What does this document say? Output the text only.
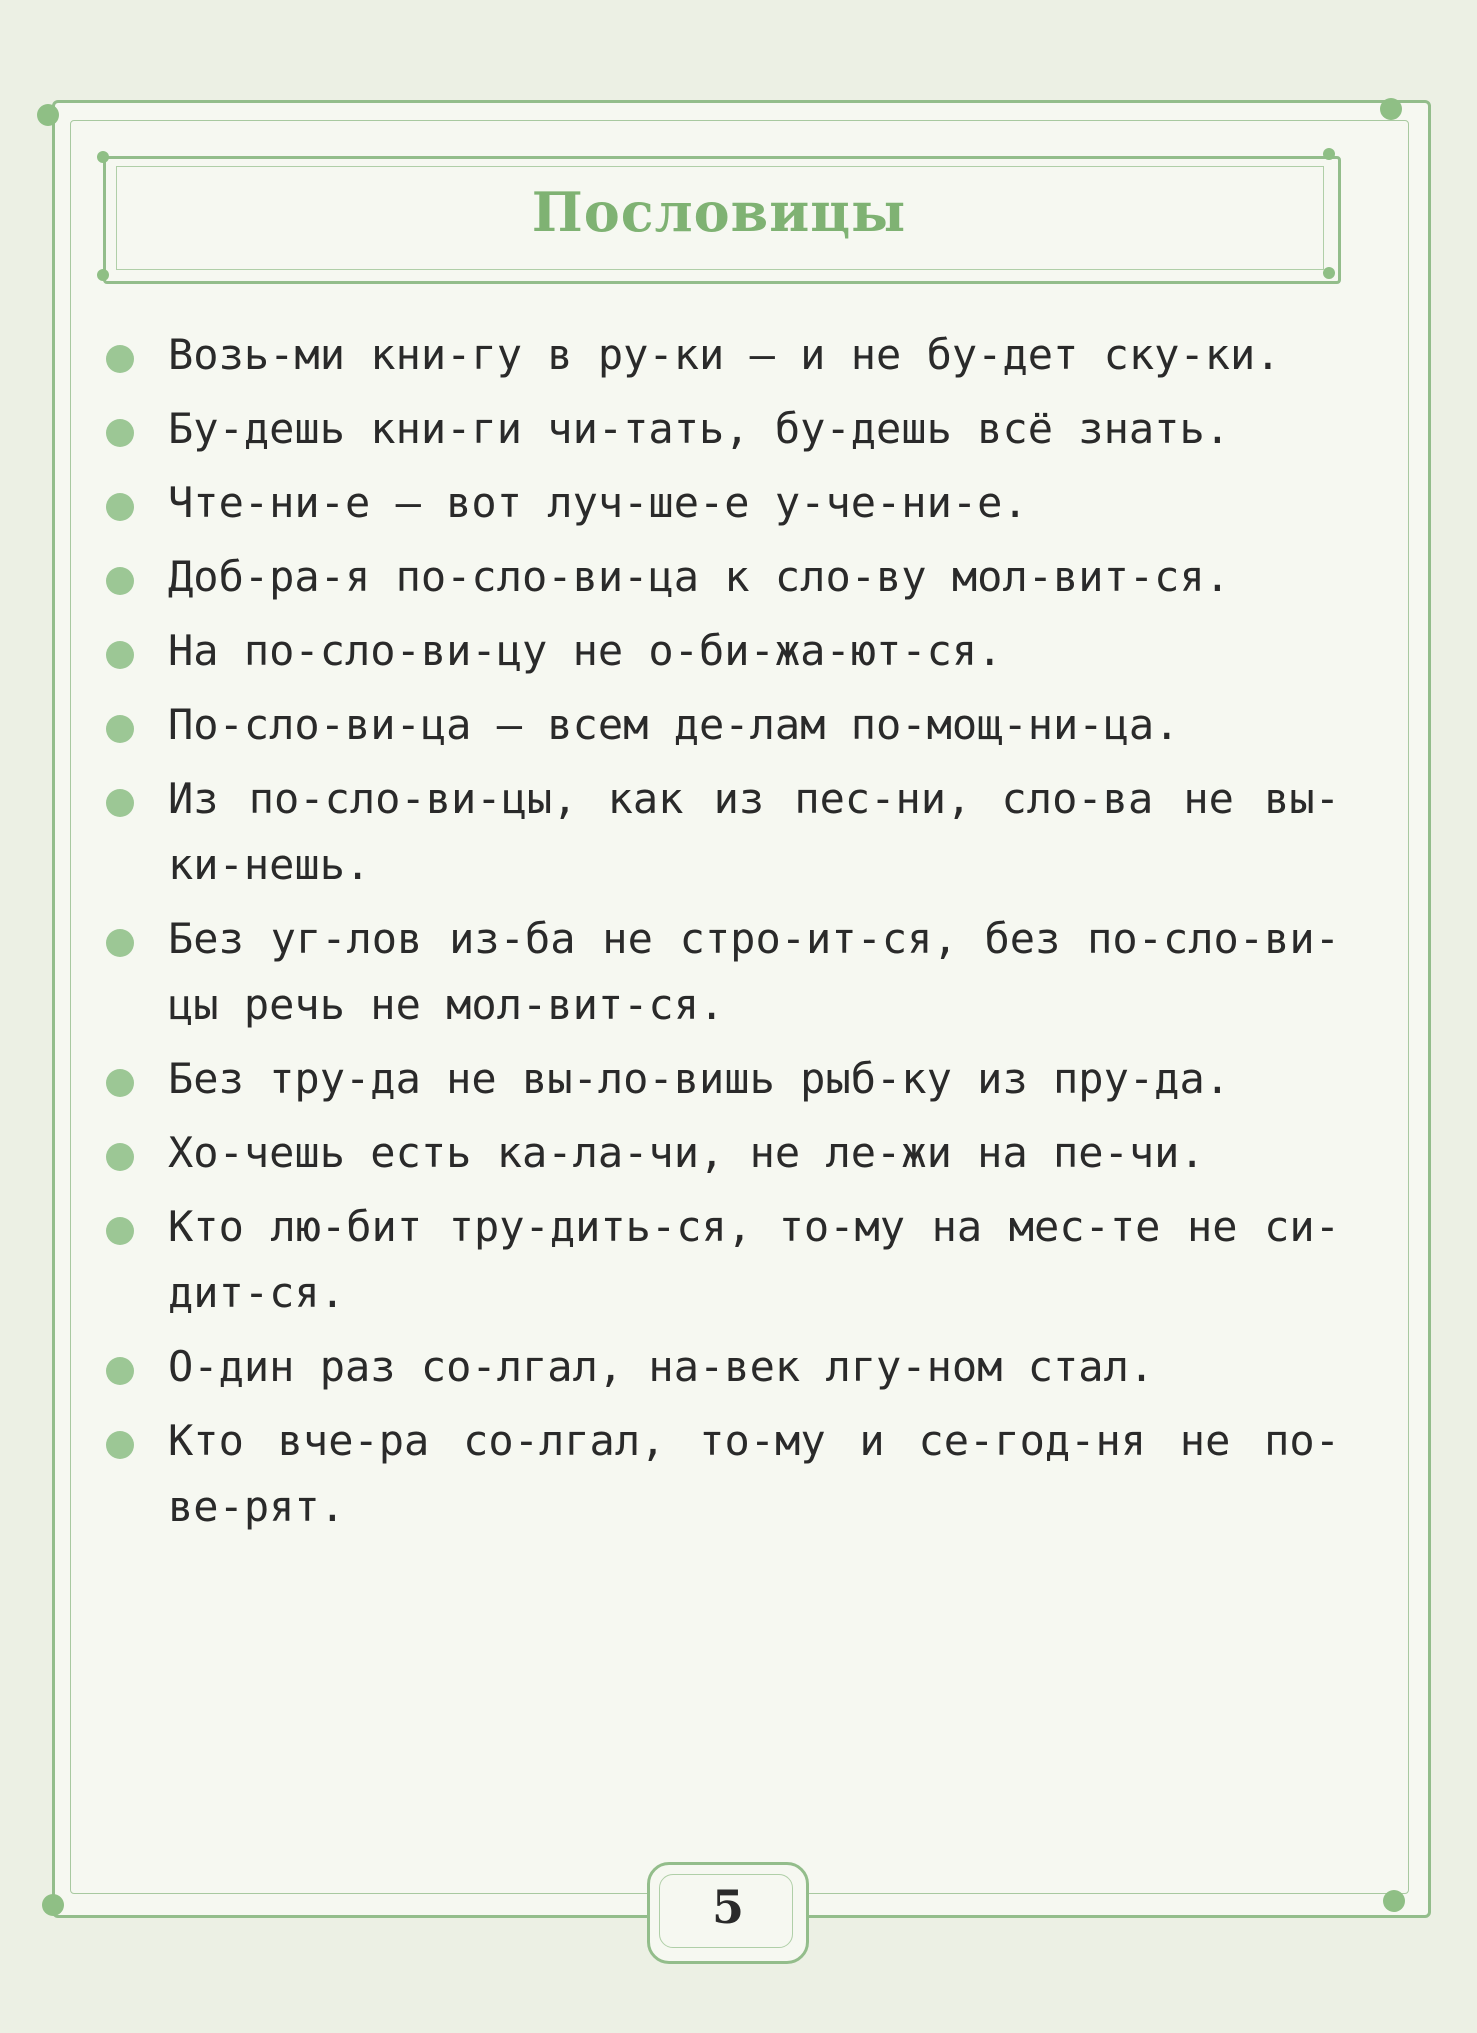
Пословицы
Возь-ми кни-гу в ру-ки — и не бу-дет ску-ки.
Бу-дешь кни-ги чи-тать, бу-дешь всё знать.
Чте-ни-е — вот луч-ше-е у-че-ни-е.
Доб-ра-я по-сло-ви-ца к сло-ву мол-вит-ся.
На по-сло-ви-цу не о-би-жа-ют-ся.
По-сло-ви-ца — всем де-лам по-мощ-ни-ца.
Из по-сло-ви-цы, как из пес-ни, сло-ва не вы-ки-нешь.
Без уг-лов из-ба не стро-ит-ся, без по-сло-ви-цы речь не мол-вит-ся.
Без тру-да не вы-ло-вишь рыб-ку из пру-да.
Хо-чешь есть ка-ла-чи, не ле-жи на пе-чи.
Кто лю-бит тру-дить-ся, то-му на мес-те не си-дит-ся.
О-дин раз со-лгал, на-век лгу-ном стал.
Кто вче-ра со-лгал, то-му и се-год-ня не по-ве-рят.
5
